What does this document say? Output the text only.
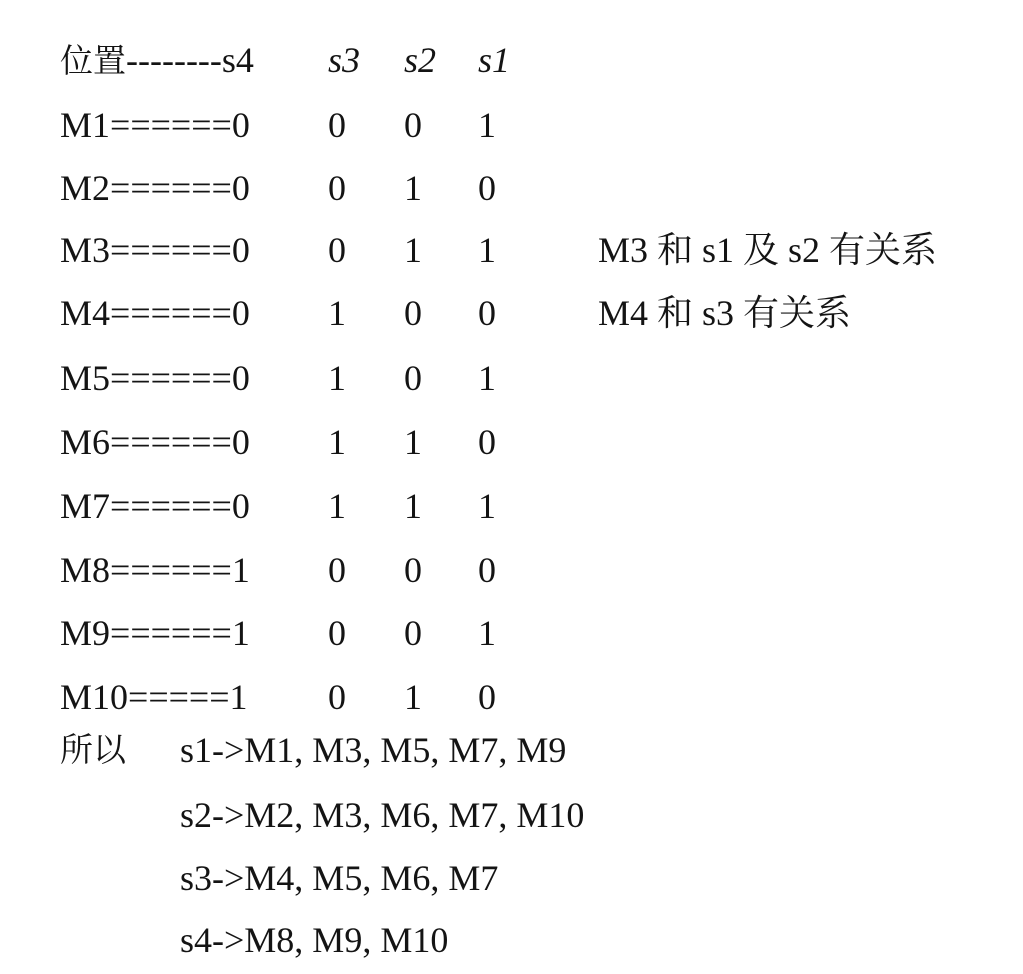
位置--------s4 s3 s2 s1
M1======0 0 0 1
M2======0 0 1 0
M3======0 0 1 1
M4======0 1 0 0
M5======0 1 0 1
M6======0 1 1 0
M7======0 1 1 1
M8======1 0 0 0
M9======1 0 0 1
M10=====1 0 1 0
M3 和 s1 及 s2 有关系
M4 和 s3 有关系
所以 s1->M1, M3, M5, M7, M9
s2->M2, M3, M6, M7, M10
s3->M4, M5, M6, M7
s4->M8, M9, M10
